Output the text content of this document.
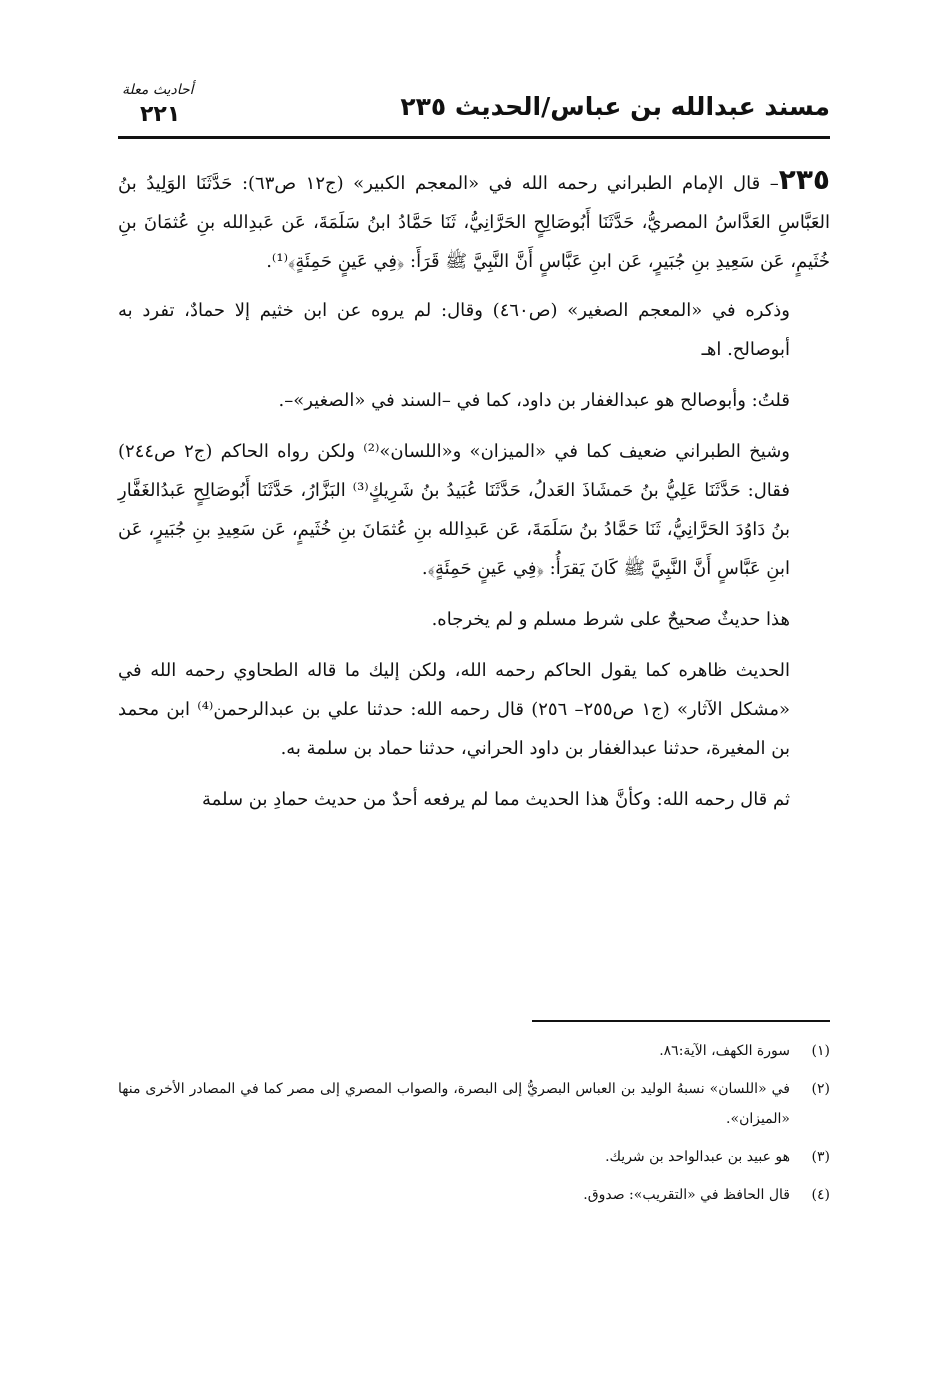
مسند عبدالله بن عباس/الحديث ٢٣٥
أحاديث معلة
٢٢١

٢٣٥– قال الإمام الطبراني رحمه الله في «المعجم الكبير» (ج١٢ ص٦٣): حَدَّثَنَا الوَلِيدُ بنُ العَبَّاسِ العَدَّاسُ المصريُّ، حَدَّثَنَا أَبُوصَالِحٍ الحَرَّانِيُّ، ثَنَا حَمَّادُ ابنُ سَلَمَةَ، عَن عَبدِالله بنِ عُثمَانَ بنِ خُثَيمٍ، عَن سَعِيدِ بنِ جُبَيرٍ، عَن ابنِ عَبَّاسٍ أَنَّ النَّبِيَّ ﷺ قَرَأَ: ﴿فِي عَينٍ حَمِئَةٍ﴾⁽¹⁾.

وذكره في «المعجم الصغير» (ص٤٦٠) وقال: لم يروه عن ابن خثيم إلا حمادٌ، تفرد به أبوصالح. اهـ

قلتُ: وأبوصالح هو عبدالغفار بن داود، كما في –السند في «الصغير»–.

وشيخ الطبراني ضعيف كما في «الميزان» و«اللسان»⁽²⁾ ولكن رواه الحاكم (ج٢ ص٢٤٤) فقال: حَدَّثَنَا عَلِيُّ بنُ حَمشَاذَ العَدلُ، حَدَّثَنَا عُبَيدُ بنُ شَرِيكٍ⁽³⁾ البَزَّارُ، حَدَّثَنَا أَبُوصَالِحٍ عَبدُالغَفَّارِ بنُ دَاوُدَ الحَرَّانِيُّ، ثَنَا حَمَّادُ بنُ سَلَمَةَ، عَن عَبدِالله بنِ عُثمَانَ بنِ خُثَيمٍ، عَن سَعِيدِ بنِ جُبَيرٍ، عَن ابنِ عَبَّاسٍ أَنَّ النَّبِيَّ ﷺ كَانَ يَقرَأُ: ﴿فِي عَينٍ حَمِئَةٍ﴾.

هذا حديثٌ صحيحٌ على شرط مسلم و لم يخرجاه.

الحديث ظاهره كما يقول الحاكم رحمه الله، ولكن إليك ما قاله الطحاوي رحمه الله في «مشكل الآثار» (ج١ ص٢٥٥– ٢٥٦) قال رحمه الله: حدثنا علي بن عبدالرحمن⁽⁴⁾ ابن محمد بن المغيرة، حدثنا عبدالغفار بن داود الحراني، حدثنا حماد بن سلمة به.

ثم قال رحمه الله: وكأنَّ هذا الحديث مما لم يرفعه أحدٌ من حديث حمادِ بن سلمة

(١)
سورة الكهف، الآية:٨٦.
(٢)
في «اللسان» نسبهُ الوليد بن العباس البصريُّ إلى البصرة، والصواب المصري إلى مصر كما في المصادر الأخرى منها «الميزان».
(٣)
هو عبيد بن عبدالواحد بن شريك.
(٤)
قال الحافظ في «التقريب»: صدوق.
